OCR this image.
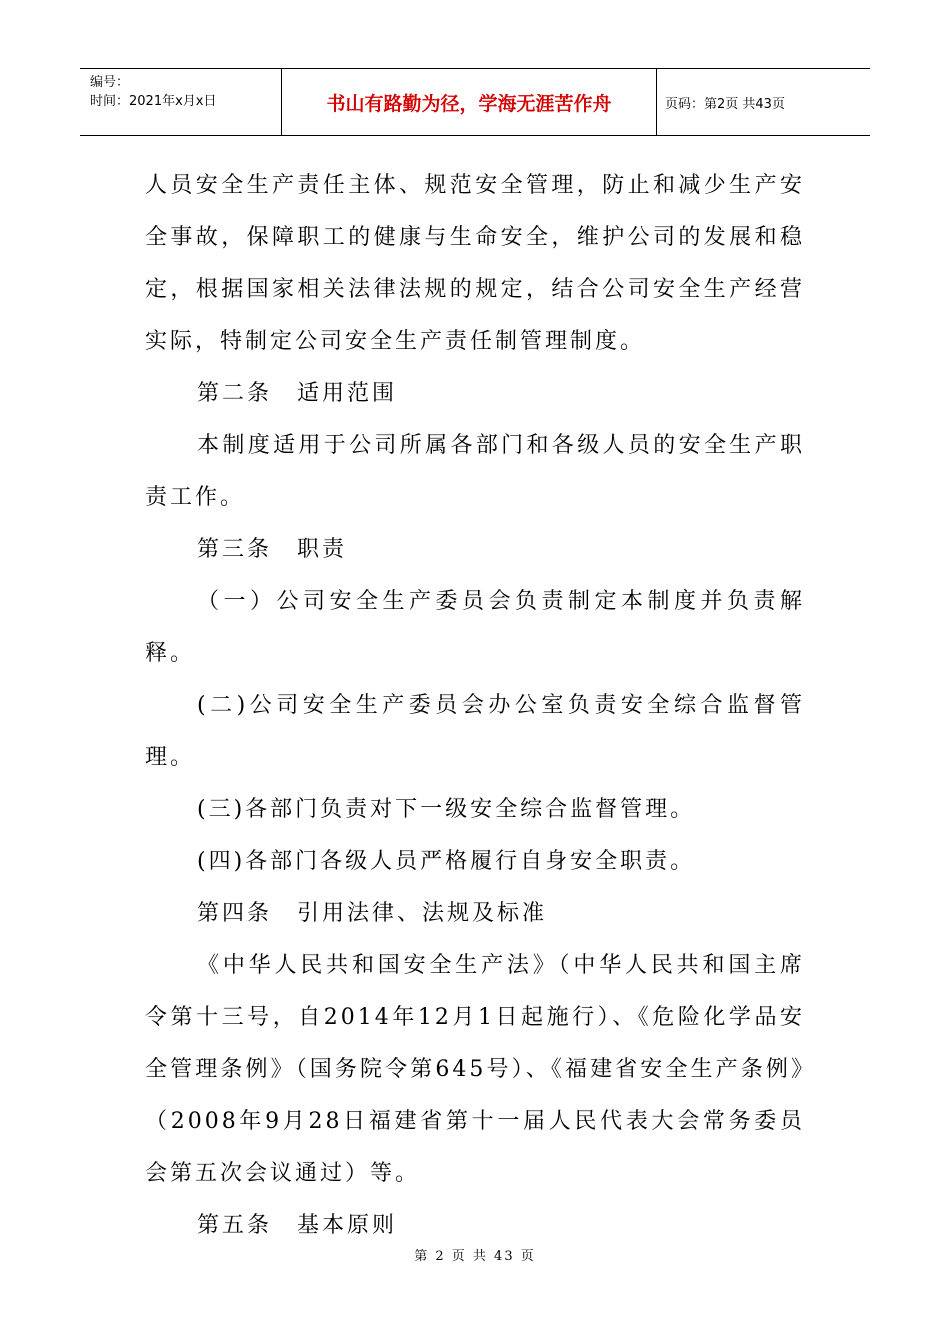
编号：
时间：2021年x月x日	书山有路勤为径，学海无涯苦作舟	页码：第2页 共43页

人员安全生产责任主体、规范安全管理，防止和减少生产安全事故，保障职工的健康与生命安全，维护公司的发展和稳定，根据国家相关法律法规的规定，结合公司安全生产经营实际，特制定公司安全生产责任制管理制度。

第二条　适用范围

本制度适用于公司所属各部门和各级人员的安全生产职责工作。

第三条　职责

（一）公司安全生产委员会负责制定本制度并负责解释。

(二)公司安全生产委员会办公室负责安全综合监督管理。

(三)各部门负责对下一级安全综合监督管理。

(四)各部门各级人员严格履行自身安全职责。

第四条　引用法律、法规及标准

《中华人民共和国安全生产法》（中华人民共和国主席令第十三号，自2014年12月1日起施行）、《危险化学品安全管理条例》（国务院令第645号）、《福建省安全生产条例》（2008年9月28日福建省第十一届人民代表大会常务委员会第五次会议通过）等。

第五条　基本原则

第 2 页 共 43 页
